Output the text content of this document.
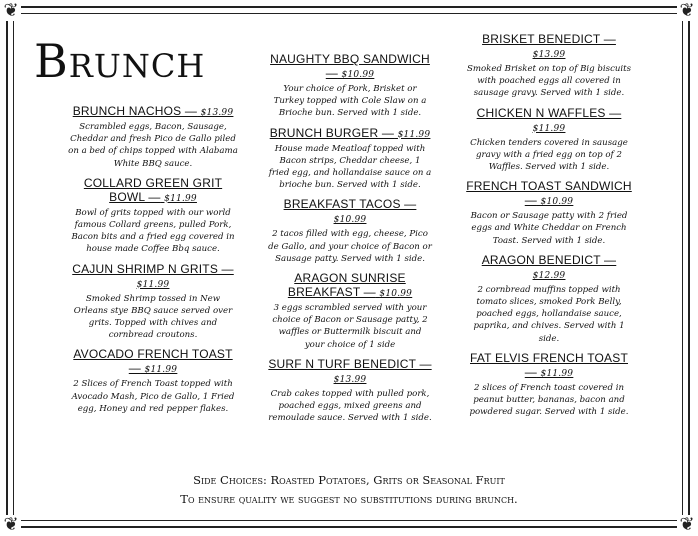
❦	❦
❦	❦
Brunch
BRUNCH NACHOS — $13.99
Scrambled eggs, Bacon, Sausage, Cheddar and fresh Pico de Gallo piled on a bed of chips topped with Alabama White BBQ sauce.
COLLARD GREEN GRIT BOWL — $11.99
Bowl of grits topped with our world famous Collard greens, pulled Pork, Bacon bits and a fried egg covered in house made Coffee Bbq sauce.
CAJUN SHRIMP N GRITS — $11.99
Smoked Shrimp tossed in New Orleans stye BBQ sauce served over grits. Topped with chives and cornbread croutons.
AVOCADO FRENCH TOAST — $11.99
2 Slices of French Toast topped with Avocado Mash, Pico de Gallo, 1 Fried egg, Honey and red pepper flakes.
NAUGHTY BBQ SANDWICH — $10.99
Your choice of Pork, Brisket or Turkey topped with Cole Slaw on a Brioche bun. Served with 1 side.
BRUNCH BURGER — $11.99
House made Meatloaf topped with Bacon strips, Cheddar cheese, 1 fried egg, and hollandaise sauce on a brioche bun. Served with 1 side.
BREAKFAST TACOS — $10.99
2 tacos filled with egg, cheese, Pico de Gallo, and your choice of Bacon or Sausage patty. Served with 1 side.
ARAGON SUNRISE BREAKFAST — $10.99
3 eggs scrambled served with your choice of Bacon or Sausage patty, 2 waffles or Buttermilk biscuit and your choice of 1 side
SURF N TURF BENEDICT — $13.99
Crab cakes topped with pulled pork, poached eggs, mixed greens and remoulade sauce. Served with 1 side.
BRISKET BENEDICT — $13.99
Smoked Brisket on top of Big biscuits with poached eggs all covered in sausage gravy. Served with 1 side.
CHICKEN N WAFFLES — $11.99
Chicken tenders covered in sausage gravy with a fried egg on top of 2 Waffles. Served with 1 side.
FRENCH TOAST SANDWICH — $10.99
Bacon or Sausage patty with 2 fried eggs and White Cheddar on French Toast. Served with 1 side.
ARAGON BENEDICT — $12.99
2 cornbread muffins topped with tomato slices, smoked Pork Belly, poached eggs, hollandaise sauce, paprika, and chives. Served with 1 side.
FAT ELVIS FRENCH TOAST — $11.99
2 slices of French toast covered in peanut butter, bananas, bacon and powdered sugar. Served with 1 side.
Side Choices: Roasted Potatoes, Grits or Seasonal Fruit
To ensure quality we suggest no substitutions during brunch.
